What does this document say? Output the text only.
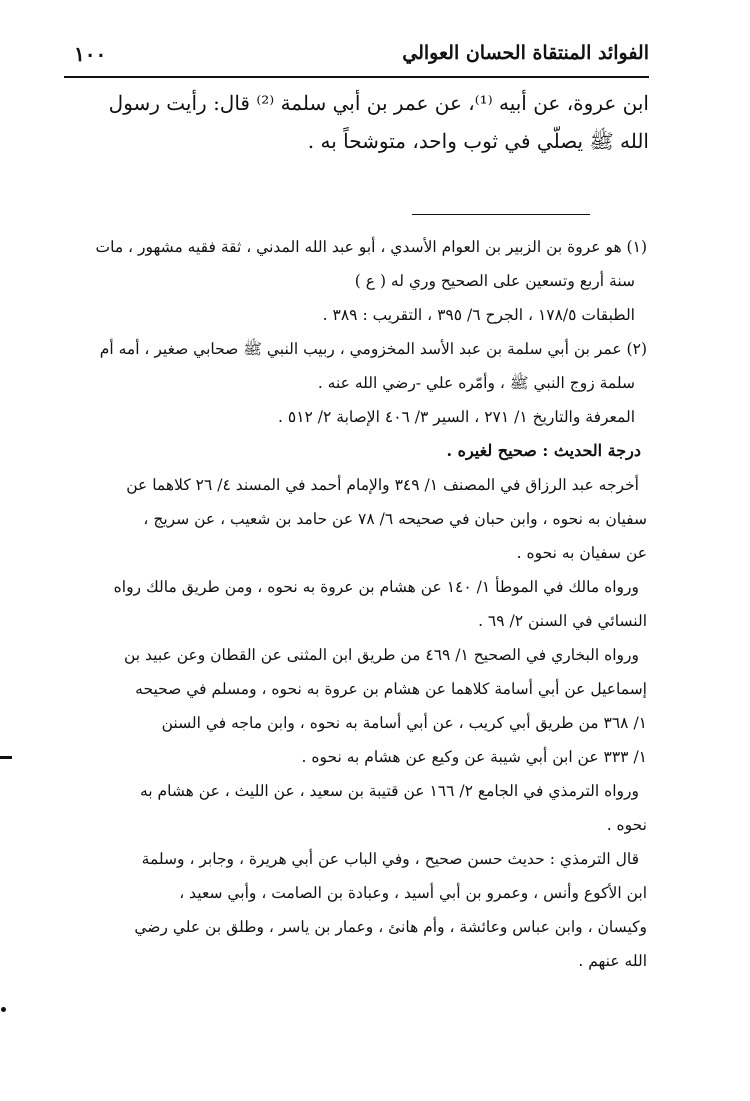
١٠٠	الفوائد المنتقاة الحسان العوالي

ابن عروة، عن أبيه ⁽¹⁾، عن عمر بن أبي سلمة ⁽²⁾ قال: رأيت رسول

الله ﷺ يصلّي في ثوب واحد، متوشحاً به .

(١) هو عروة بن الزبير بن العوام الأسدي ، أبو عبد الله المدني ، ثقة فقيه مشهور ، مات

سنة أربع وتسعين على الصحيح وري له ( ع )

الطبقات ١٧٨/٥ ، الجرح ٦/ ٣٩٥ ، التقريب : ٣٨٩ .

(٢) عمر بن أبي سلمة بن عبد الأسد المخزومي ، ربيب النبي ﷺ صحابي صغير ، أمه أم

سلمة زوج النبي ﷺ ، وأمّره علي -رضي الله عنه .

المعرفة والتاريخ ١/ ٢٧١ ، السير ٣/ ٤٠٦ الإصابة ٢/ ٥١٢ .

درجة الحديث : صحيح لغيره .

أخرجه عبد الرزاق في المصنف ١/ ٣٤٩ والإمام أحمد في المسند ٤/ ٢٦ كلاهما عن

سفيان به نحوه ، وابن حبان في صحيحه ٦/ ٧٨ عن حامد بن شعيب ، عن سريج ،

عن سفيان به نحوه .

ورواه مالك في الموطأ ١/ ١٤٠ عن هشام بن عروة به نحوه ، ومن طريق مالك رواه

النسائي في السنن ٢/ ٦٩ .

ورواه البخاري في الصحيح ١/ ٤٦٩ من طريق ابن المثنى عن القطان وعن عبيد بن

إسماعيل عن أبي أسامة كلاهما عن هشام بن عروة به نحوه ، ومسلم في صحيحه

١/ ٣٦٨ من طريق أبي كريب ، عن أبي أسامة به نحوه ، وابن ماجه في السنن

١/ ٣٣٣ عن ابن أبي شيبة عن وكيع عن هشام به نحوه .

ورواه الترمذي في الجامع ٢/ ١٦٦ عن قتيبة بن سعيد ، عن الليث ، عن هشام به

نحوه .

قال الترمذي : حديث حسن صحيح ، وفي الباب عن أبي هريرة ، وجابر ، وسلمة

ابن الأكوع وأنس ، وعمرو بن أبي أسيد ، وعبادة بن الصامت ، وأبي سعيد ،

وكيسان ، وابن عباس وعائشة ، وأم هانئ ، وعمار بن ياسر ، وطلق بن علي رضي

الله عنهم .
